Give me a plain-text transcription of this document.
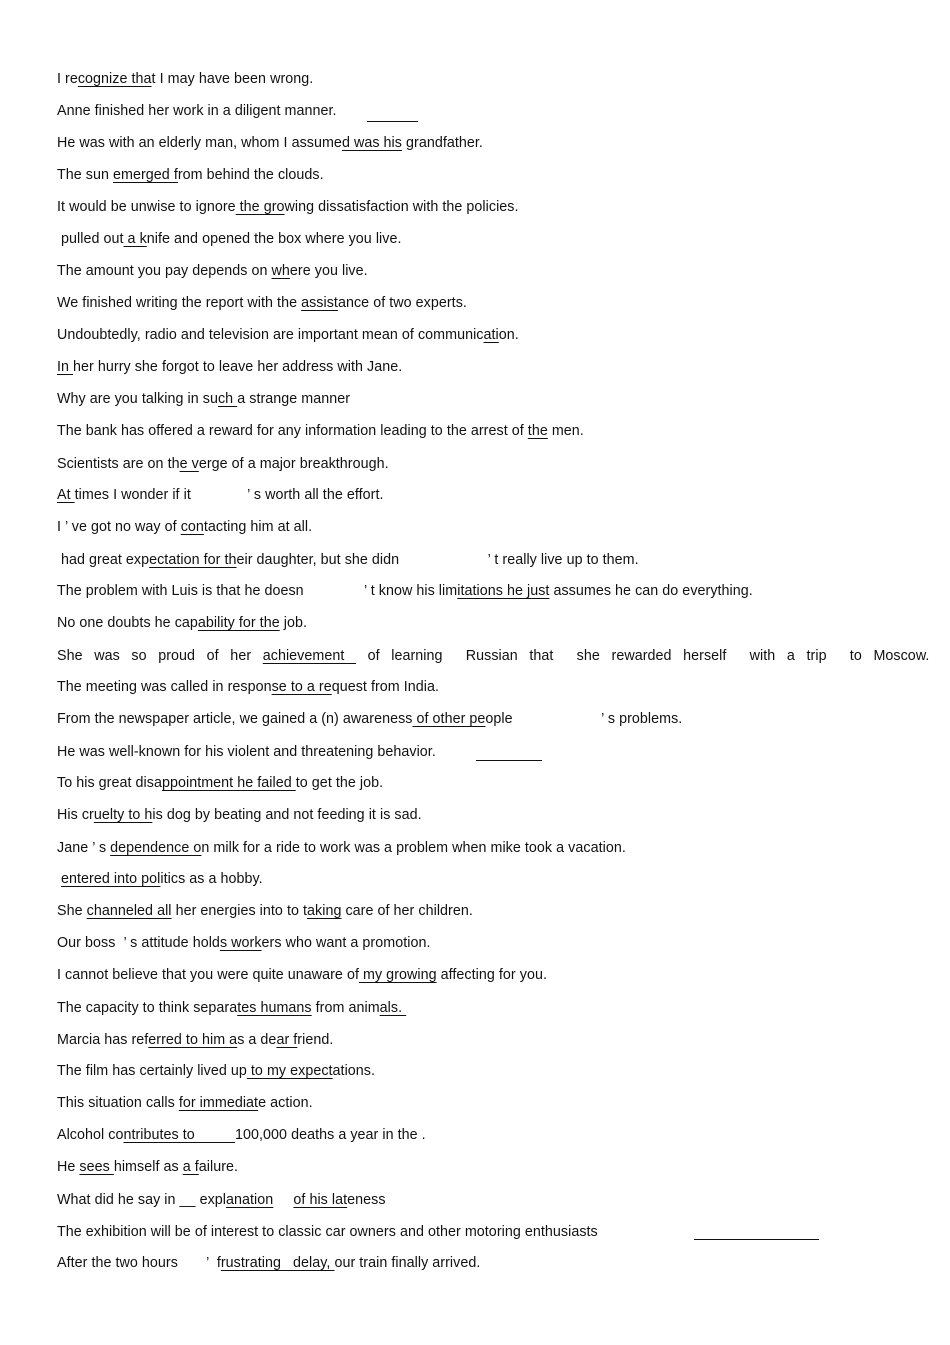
I recognize that I may have been wrong.
Anne finished her work in a diligent manner.
He was with an elderly man, whom I assumed was his grandfather.
The sun emerged from behind the clouds.
It would be unwise to ignore the growing dissatisfaction with the policies.
pulled out a knife and opened the box where you live.
The amount you pay depends on where you live.
We finished writing the report with the assistance of two experts.
Undoubtedly, radio and television are important mean of communication.
In her hurry she forgot to leave her address with Jane.
Why are you talking in such a strange manner
The bank has offered a reward for any information leading to the arrest of the men.
Scientists are on the verge of a major breakthrough.
At times I wonder if it              ’ s worth all the effort.
I ’ ve got no way of contacting him at all.
had great expectation for their daughter, but she didn                      ’ t really live up to them.
The problem with Luis is that he doesn               ’ t know his limitations he just assumes he can do everything.
No one doubts he capability for the job.
She was so proud of her achievement  of learning  Russian that  she rewarded herself  with a trip  to Moscow.
The meeting was called in response to a request from India.
From the newspaper article, we gained a (n) awareness of other people                      ’ s problems.
He was well-known for his violent and threatening behavior.
To his great disappointment he failed to get the job.
His cruelty to his dog by beating and not feeding it is sad.
Jane ’ s dependence on milk for a ride to work was a problem when mike took a vacation.
entered into politics as a hobby.
She channeled all her energies into to taking care of her children.
Our boss  ’ s attitude holds workers who want a promotion.
I cannot believe that you were quite unaware of my growing affecting for you.
The capacity to think separates humans from animals.
Marcia has referred to him as a dear friend.
The film has certainly lived up to my expectations.
This situation calls for immediate action.
Alcohol contributes to          100,000 deaths a year in the .
He sees himself as a failure.
What did he say in __ explanation of his lateness
The exhibition will be of interest to classic car owners and other motoring enthusiasts
After the two hours       ’  frustrating   delay, our train finally arrived.
